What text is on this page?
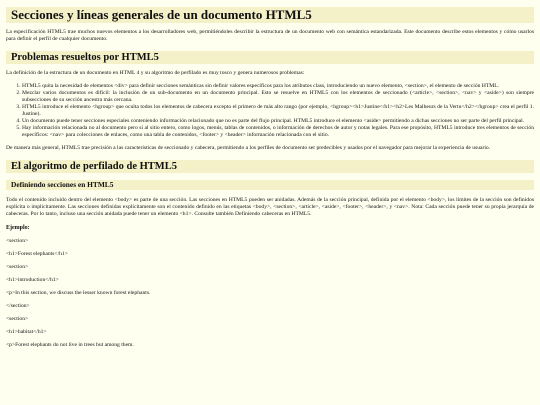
Secciones y líneas generales de un documento HTML5

La especificación HTML5 trae muchos nuevos elementos a los desarrolladores web, permitiéndoles describir la estructura de un documento web con semántica estandarizada. Este documento describe estos elementos y cómo usarlos para definir el perfil de cualquier documento.

Problemas resueltos por HTML5

La definición de la estructura de un documento en HTML 4 y su algoritmo de perfilado es muy tosco y genera numerosos problemas:

1. HTML5 quita la necesidad de elementos <div> para definir secciones semánticas sin definir valores específicos para los atributos class, introduciendo un nuevo elemento, <section>, el elemento de sección HTML.
2. Mezclar varios documentos es difícil: la inclusión de un sub-documento en un documento principal. Esto se resuelve en HTML5 con los elementos de seccionado (<article>, <section>, <nav> y <aside>) son siempre subsecciones de su sección ancestra más cercana.
3. HTML5 introduce el elemento <hgroup> que oculta todos los elementos de cabecera excepto el primero de más alto rango (por ejemplo, <hgroup><h1>Justine</h1><h2>Les Malheurs de la Vertu</h2></hgroup> crea el perfil 1. Justine).
4. Un documento puede tener secciones especiales conteniendo información relacionado que no es parte del flujo principal. HTML5 introduce el elemento <aside> permitiendo a dichas secciones no ser parte del perfil principal.
5. Hay información relacionada no al documento pero sí al sitio entero, como logos, menús, tablas de contenidos, o información de derechos de autor y notas legales. Para ese propósito, HTML5 introduce tres elementos de sección específicos: <nav> para colecciones de enlaces, como una tabla de contenidos, <footer> y <header> información relacionada con el sitio.

De manera más general, HTML5 trae precisión a las características de seccionado y cabecera, permitiendo a los perfiles de documento ser predecibles y usados por el navegador para mejorar la experiencia de usuario.

El algoritmo de perfilado de HTML5
Definiendo secciones en HTML5

Todo el contenido incluido dentro del elemento <body> es parte de una sección. Las secciones en HTML5 pueden ser anidadas. Además de la sección principal, definida por el elemento <body>, los límites de la sección son definidos explícita o implícitamente. Las secciones definidas explícitamente son el contenido definido en las etiquetas <body>, <section>, <article>, <aside>, <footer>, <header>, y <nav>. Nota: Cada sección puede tener su propia jerarquía de cabeceras. Por lo tanto, incluso una sección anidada puede tener un elemento <h1>. Consulte también Definiendo cabeceras en HTML5.

Ejemplo:

<section>

<h1>Forest elephants</h1>

<section>

<h1>introduction</h1>

<p>In this section, we discuss the lesser known forest elephants.

</section>

<section>

<h1>habitat</h1>

<p>Forest elephants do not live in trees but among them.
